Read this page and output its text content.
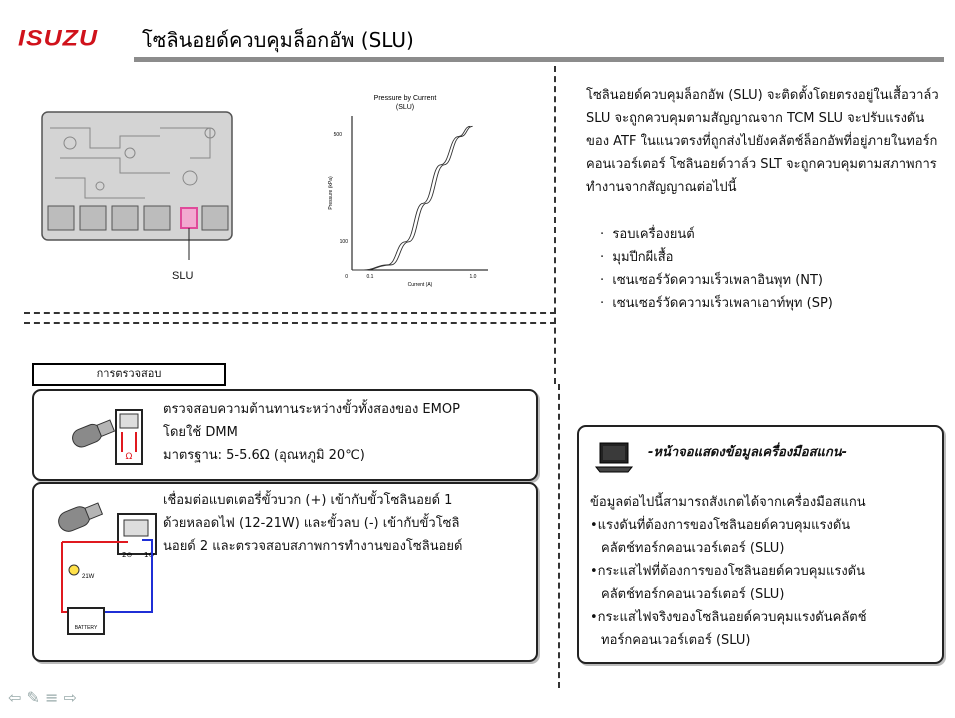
ISUZU โซลินอยด์ควบคุมล็อกอัพ (SLU)
SLU
Pressure by Current
(SLU)
500
100
0	0.1	1.0
Current (A)
Pressure (kPa)
โซลินอยด์ควบคุมล็อกอัพ (SLU) จะติดตั้งโดยตรงอยู่ในเสื้อวาล์ว SLU จะถูกควบคุมตามสัญญาณจาก TCM SLU จะปรับแรงดันของ ATF ในแนวตรงที่ถูกส่งไปยังคลัตช์ล็อกอัพที่อยู่ภายในทอร์กคอนเวอร์เตอร์ โซลินอยด์วาล์ว SLT จะถูกควบคุมตามสภาพการทำงานจากสัญญาณต่อไปนี้
·  รอบเครื่องยนต์
·  มุมปีกผีเสื้อ
·  เซนเซอร์วัดความเร็วเพลาอินพุท (NT)
·  เซนเซอร์วัดความเร็วเพลาเอาท์พุท (SP)
การตรวจสอบ
Ω
ตรวจสอบความต้านทานระหว่างขั้วทั้งสองของ EMOP
โดยใช้ DMM
มาตรฐาน: 5-5.6Ω (อุณหภูมิ 20℃)
2⊖ 1⊕
21W
BATTERY
เชื่อมต่อแบตเตอรี่ขั้วบวก (+) เข้ากับขั้วโซลินอยด์ 1
ด้วยหลอดไฟ (12-21W) และขั้วลบ (-) เข้ากับขั้วโซลิ
นอยด์ 2 และตรวจสอบสภาพการทำงานของโซลินอยด์
-หน้าจอแสดงข้อมูลเครื่องมือสแกน-
ข้อมูลต่อไปนี้สามารถสังเกตได้จากเครื่องมือสแกน
•แรงดันที่ต้องการของโซลินอยด์ควบคุมแรงดัน
คลัตช์ทอร์กคอนเวอร์เตอร์ (SLU)
•กระแสไฟที่ต้องการของโซลินอยด์ควบคุมแรงดัน
คลัตช์ทอร์กคอนเวอร์เตอร์ (SLU)
•กระแสไฟจริงของโซลินอยด์ควบคุมแรงดันคลัตช์
ทอร์กคอนเวอร์เตอร์ (SLU)
⇦ ✎ ≡ ⇨
